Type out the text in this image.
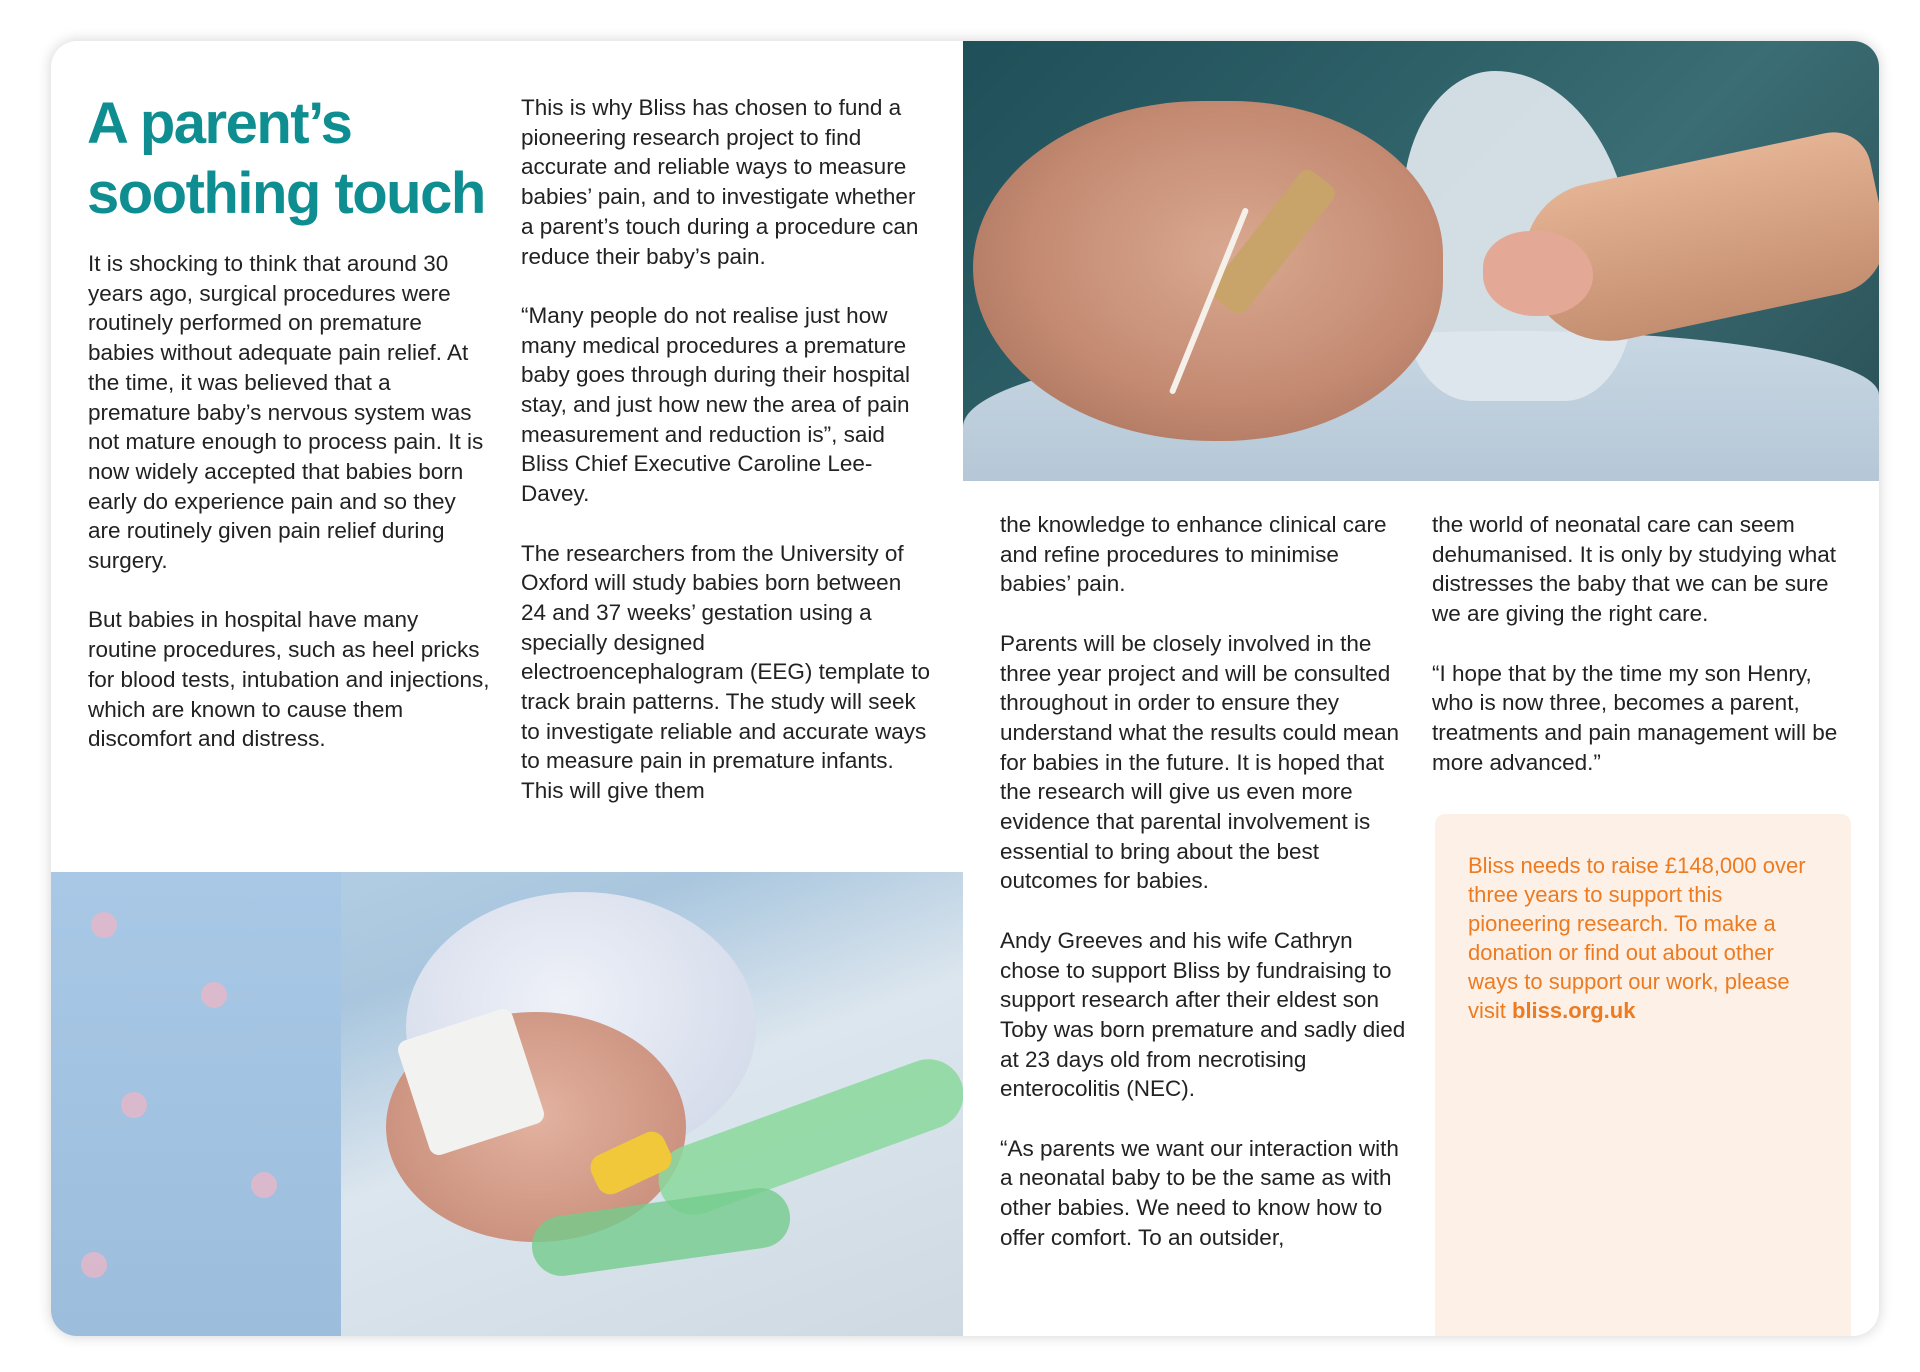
A parent’s soothing touch

It is shocking to think that around 30 years ago, surgical procedures were routinely performed on premature babies without adequate pain relief. At the time, it was believed that a premature baby’s nervous system was not mature enough to process pain. It is now widely accepted that babies born early do experience pain and so they are routinely given pain relief during surgery.

But babies in hospital have many routine procedures, such as heel pricks for blood tests, intubation and injections, which are known to cause them discomfort and distress.

This is why Bliss has chosen to fund a pioneering research project to find accurate and reliable ways to measure babies’ pain, and to investigate whether a parent’s touch during a procedure can reduce their baby’s pain.

“Many people do not realise just how many medical procedures a premature baby goes through during their hospital stay, and just how new the area of pain measurement and reduction is”, said Bliss Chief Executive Caroline Lee-Davey.

The researchers from the University of Oxford will study babies born between 24 and 37 weeks’ gestation using a specially designed electroencephalogram (EEG) template to track brain patterns. The study will seek to investigate reliable and accurate ways to measure pain in premature infants. This will give them

the knowledge to enhance clinical care and refine procedures to minimise babies’ pain.

Parents will be closely involved in the three year project and will be consulted throughout in order to ensure they understand what the results could mean for babies in the future. It is hoped that the research will give us even more evidence that parental involvement is essential to bring about the best outcomes for babies.

Andy Greeves and his wife Cathryn chose to support Bliss by fundraising to support research after their eldest son Toby was born premature and sadly died at 23 days old from necrotising enterocolitis (NEC).

“As parents we want our interaction with a neonatal baby to be the same as with other babies. We need to know how to offer comfort. To an outsider,

the world of neonatal care can seem dehumanised. It is only by studying what distresses the baby that we can be sure we are giving the right care.

“I hope that by the time my son Henry, who is now three, becomes a parent, treatments and pain management will be more advanced.”

Bliss needs to raise £148,000 over three years to support this pioneering research. To make a donation or find out about other ways to support our work, please visit bliss.org.uk
